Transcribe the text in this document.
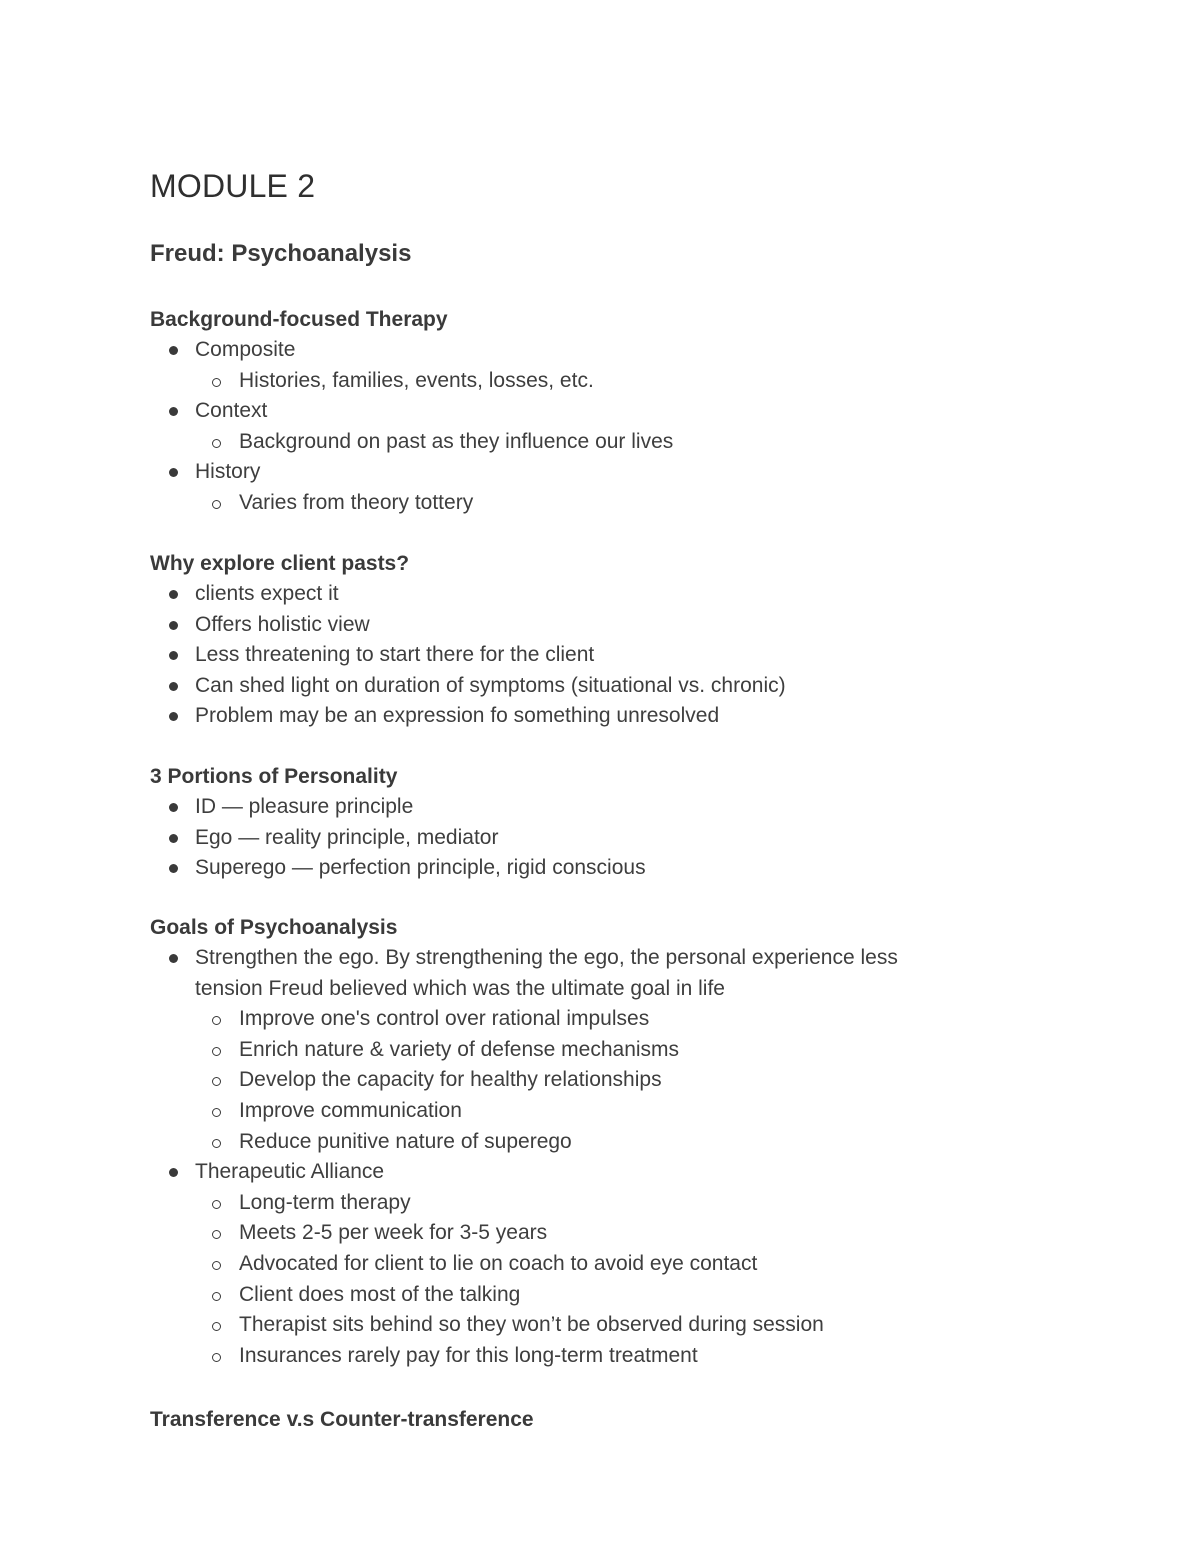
MODULE 2
Freud: Psychoanalysis
Background-focused Therapy
Composite
Histories, families, events, losses, etc.
Context
Background on past as they influence our lives
History
Varies from theory tottery
Why explore client pasts?
clients expect it
Offers holistic view
Less threatening to start there for the client
Can shed light on duration of symptoms (situational vs. chronic)
Problem may be an expression fo something unresolved
3 Portions of Personality
ID — pleasure principle
Ego — reality principle, mediator
Superego — perfection principle, rigid conscious
Goals of Psychoanalysis
Strengthen the ego. By strengthening the ego, the personal experience less
tension Freud believed which was the ultimate goal in life
Improve one's control over rational impulses
Enrich nature & variety of defense mechanisms
Develop the capacity for healthy relationships
Improve communication
Reduce punitive nature of superego
Therapeutic Alliance
Long-term therapy
Meets 2-5 per week for 3-5 years
Advocated for client to lie on coach to avoid eye contact
Client does most of the talking
Therapist sits behind so they won’t be observed during session
Insurances rarely pay for this long-term treatment
Transference v.s Counter-transference
